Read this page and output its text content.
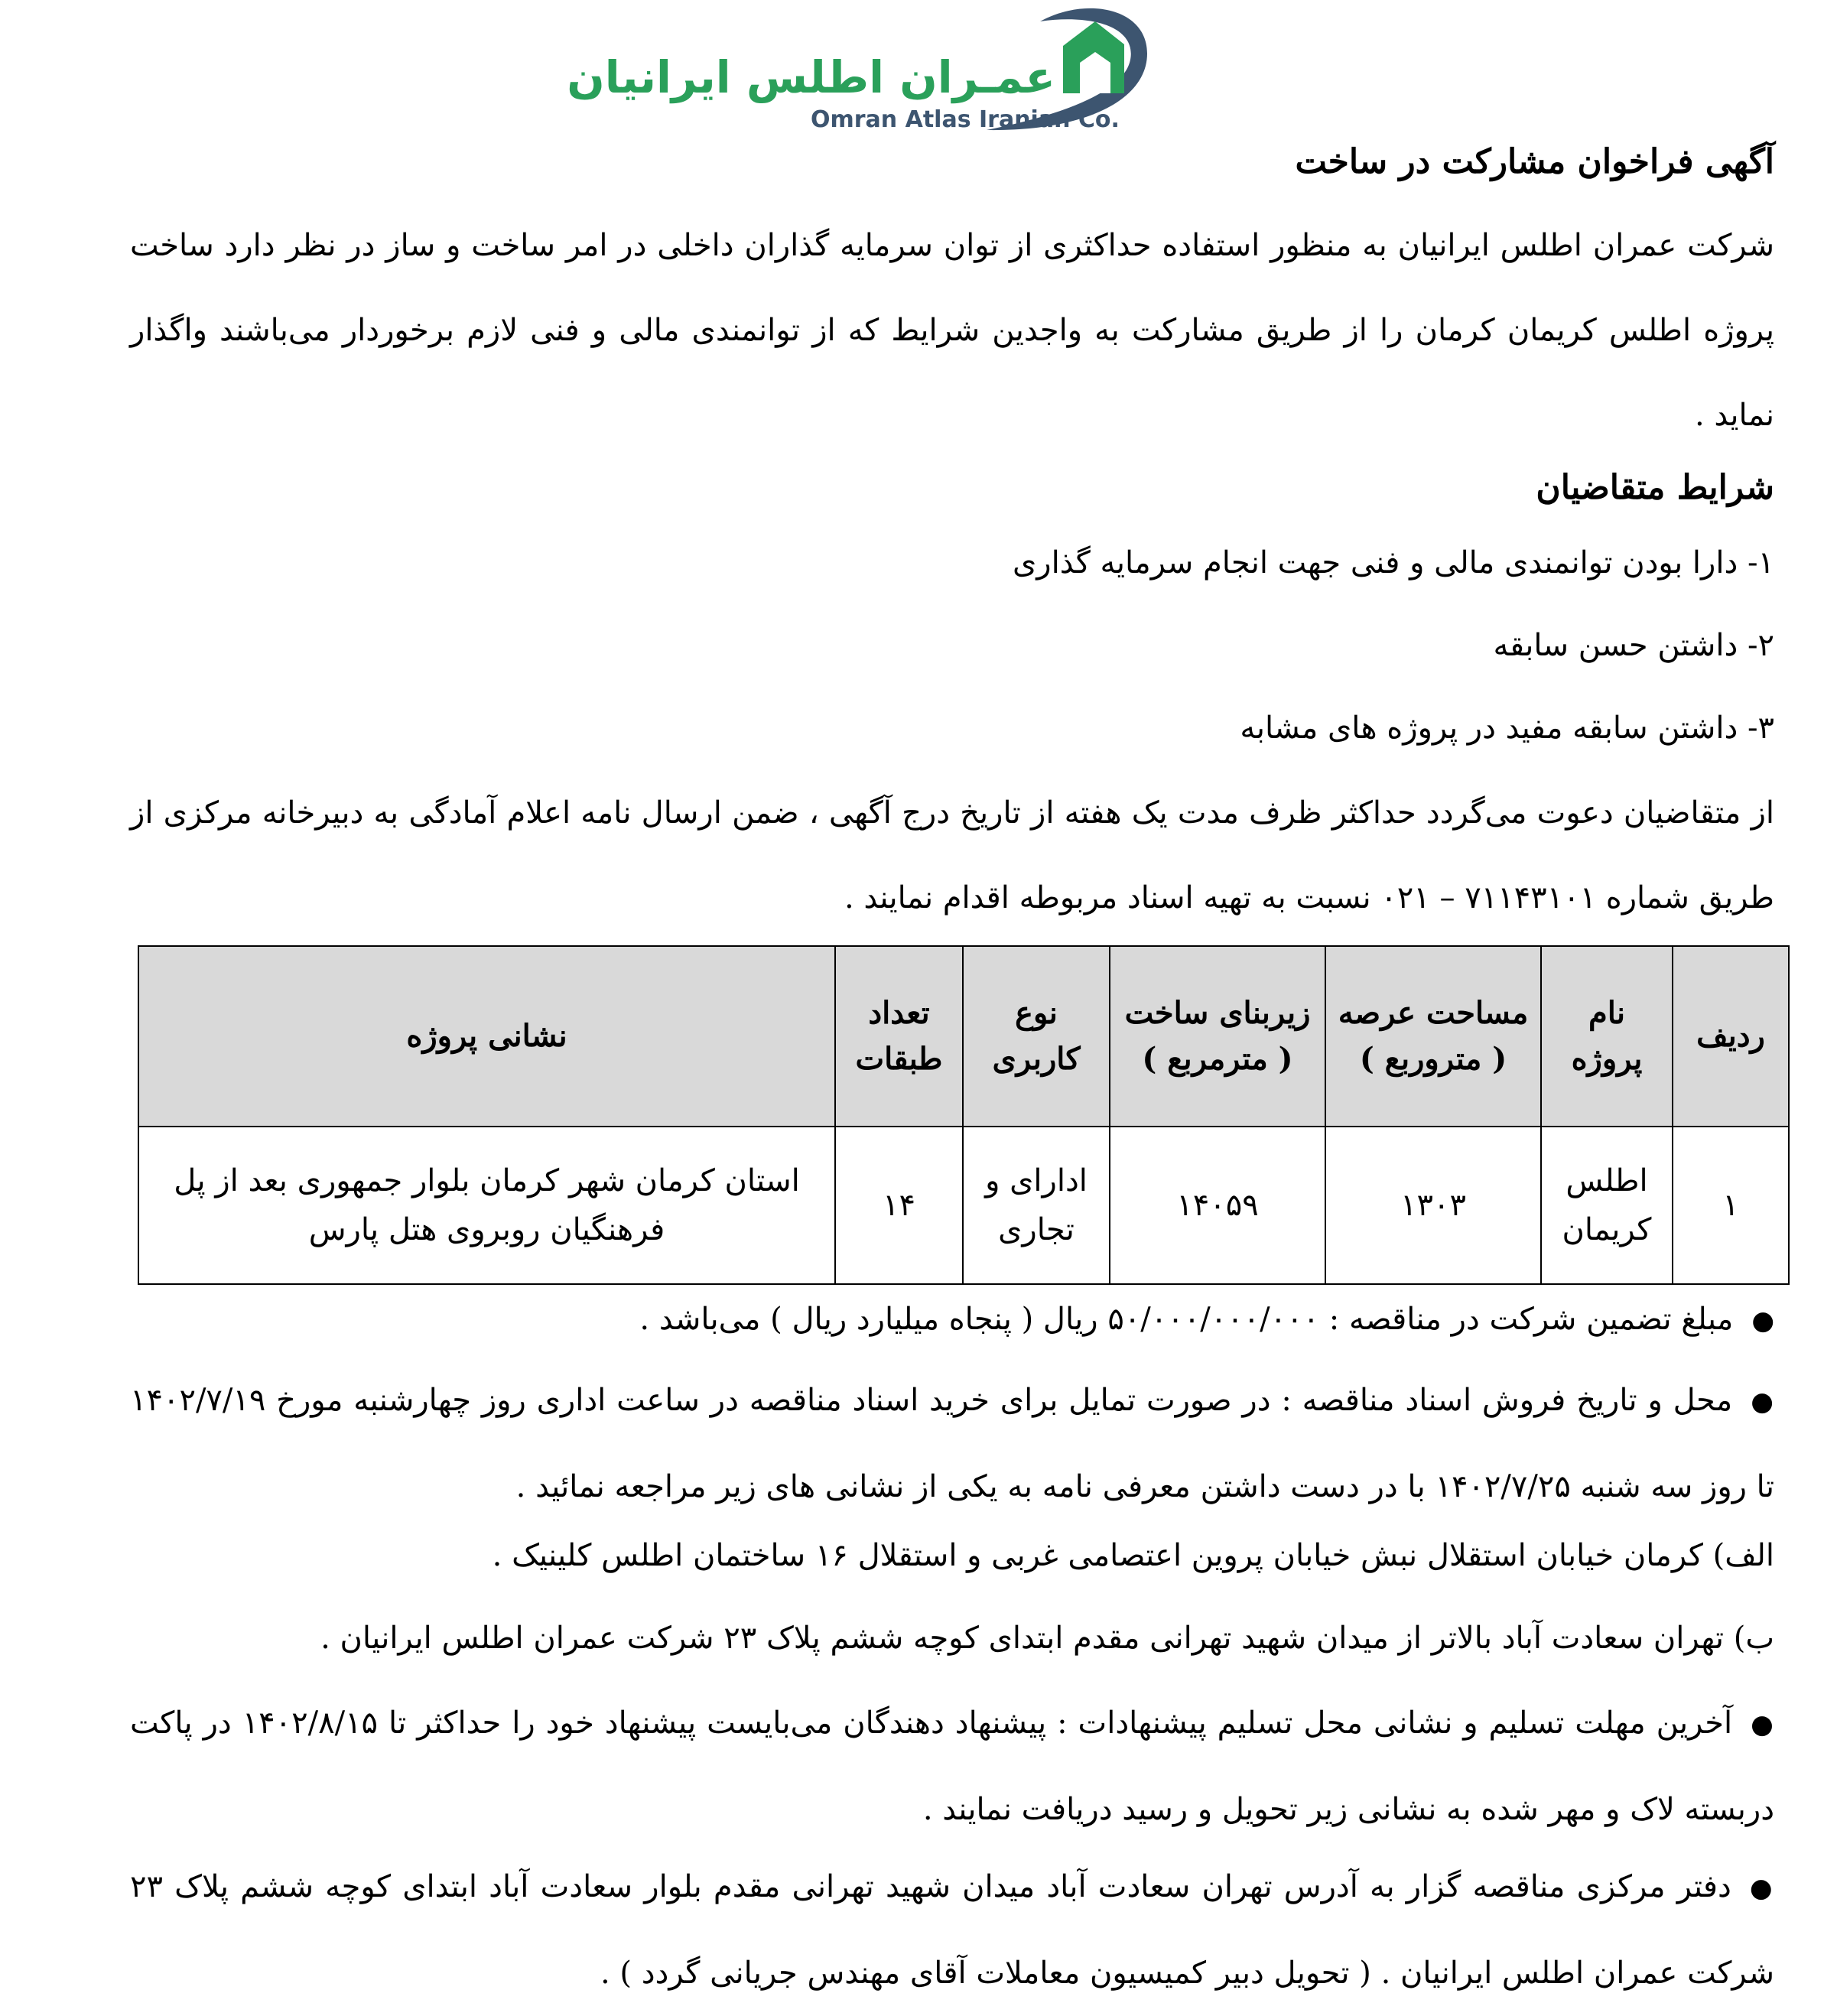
عمـران اطلس ایرانیان
Omran Atlas Iranian Co.
آگهی فراخوان مشارکت در ساخت
شرکت عمران اطلس ایرانیان به منظور استفاده حداکثری از توان سرمایه گذاران داخلی در امر ساخت و ساز در نظر دارد ساخت پروژه اطلس کریمان کرمان را از طریق مشارکت به واجدین شرایط که از توانمندی مالی و فنی لازم برخوردار می‌باشند واگذار نماید .
شرایط متقاضیان
۱- دارا بودن توانمندی مالی و فنی جهت انجام سرمایه گذاری
۲- داشتن حسن سابقه
۳- داشتن سابقه مفید در پروژه های مشابه
از متقاضیان دعوت می‌گردد حداکثر ظرف مدت یک هفته از تاریخ درج آگهی ، ضمن ارسال نامه اعلام آمادگی به دبیرخانه مرکزی از طریق شماره ۷۱۱۴۳۱۰۱ – ۰۲۱ نسبت به تهیه اسناد مربوطه اقدام نمایند .
ردیف	نام پروژه	مساحت عرصه ( متروربع )	زیربنای ساخت ( مترمربع )	نوع کاربری	تعداد طبقات	نشانی پروژه
۱	اطلس کریمان	۱۳۰۳	۱۴۰۵۹	ادارای و تجاری	۱۴	استان کرمان شهر کرمان بلوار جمهوری بعد از پل فرهنگیان روبروی هتل پارس
●مبلغ تضمین شرکت در مناقصه : ۵۰/۰۰۰/۰۰۰/۰۰۰ ریال ( پنجاه میلیارد ریال ) می‌باشد .
●محل و تاریخ فروش اسناد مناقصه : در صورت تمایل برای خرید اسناد مناقصه در ساعت اداری روز چهارشنبه مورخ ۱۴۰۲/۷/۱۹ تا روز سه شنبه ۱۴۰۲/۷/۲۵ با در دست داشتن معرفی نامه به یکی از نشانی های زیر مراجعه نمائید .
الف) کرمان خیابان استقلال نبش خیابان پروین اعتصامی غربی و استقلال ۱۶ ساختمان اطلس کلینیک .
ب) تهران سعادت آباد بالاتر از میدان شهید تهرانی مقدم ابتدای کوچه ششم پلاک ۲۳ شرکت عمران اطلس ایرانیان .
●آخرین مهلت تسلیم و نشانی محل تسلیم پیشنهادات : پیشنهاد دهندگان می‌بایست پیشنهاد خود را حداکثر تا ۱۴۰۲/۸/۱۵ در پاکت دربسته لاک و مهر شده به نشانی زیر تحویل و رسید دریافت نمایند .
●دفتر مرکزی مناقصه گزار به آدرس تهران سعادت آباد میدان شهید تهرانی مقدم بلوار سعادت آباد ابتدای کوچه ششم پلاک ۲۳ شرکت عمران اطلس ایرانیان . ( تحویل دبیر کمیسیون معاملات آقای مهندس جریانی گردد ) .
